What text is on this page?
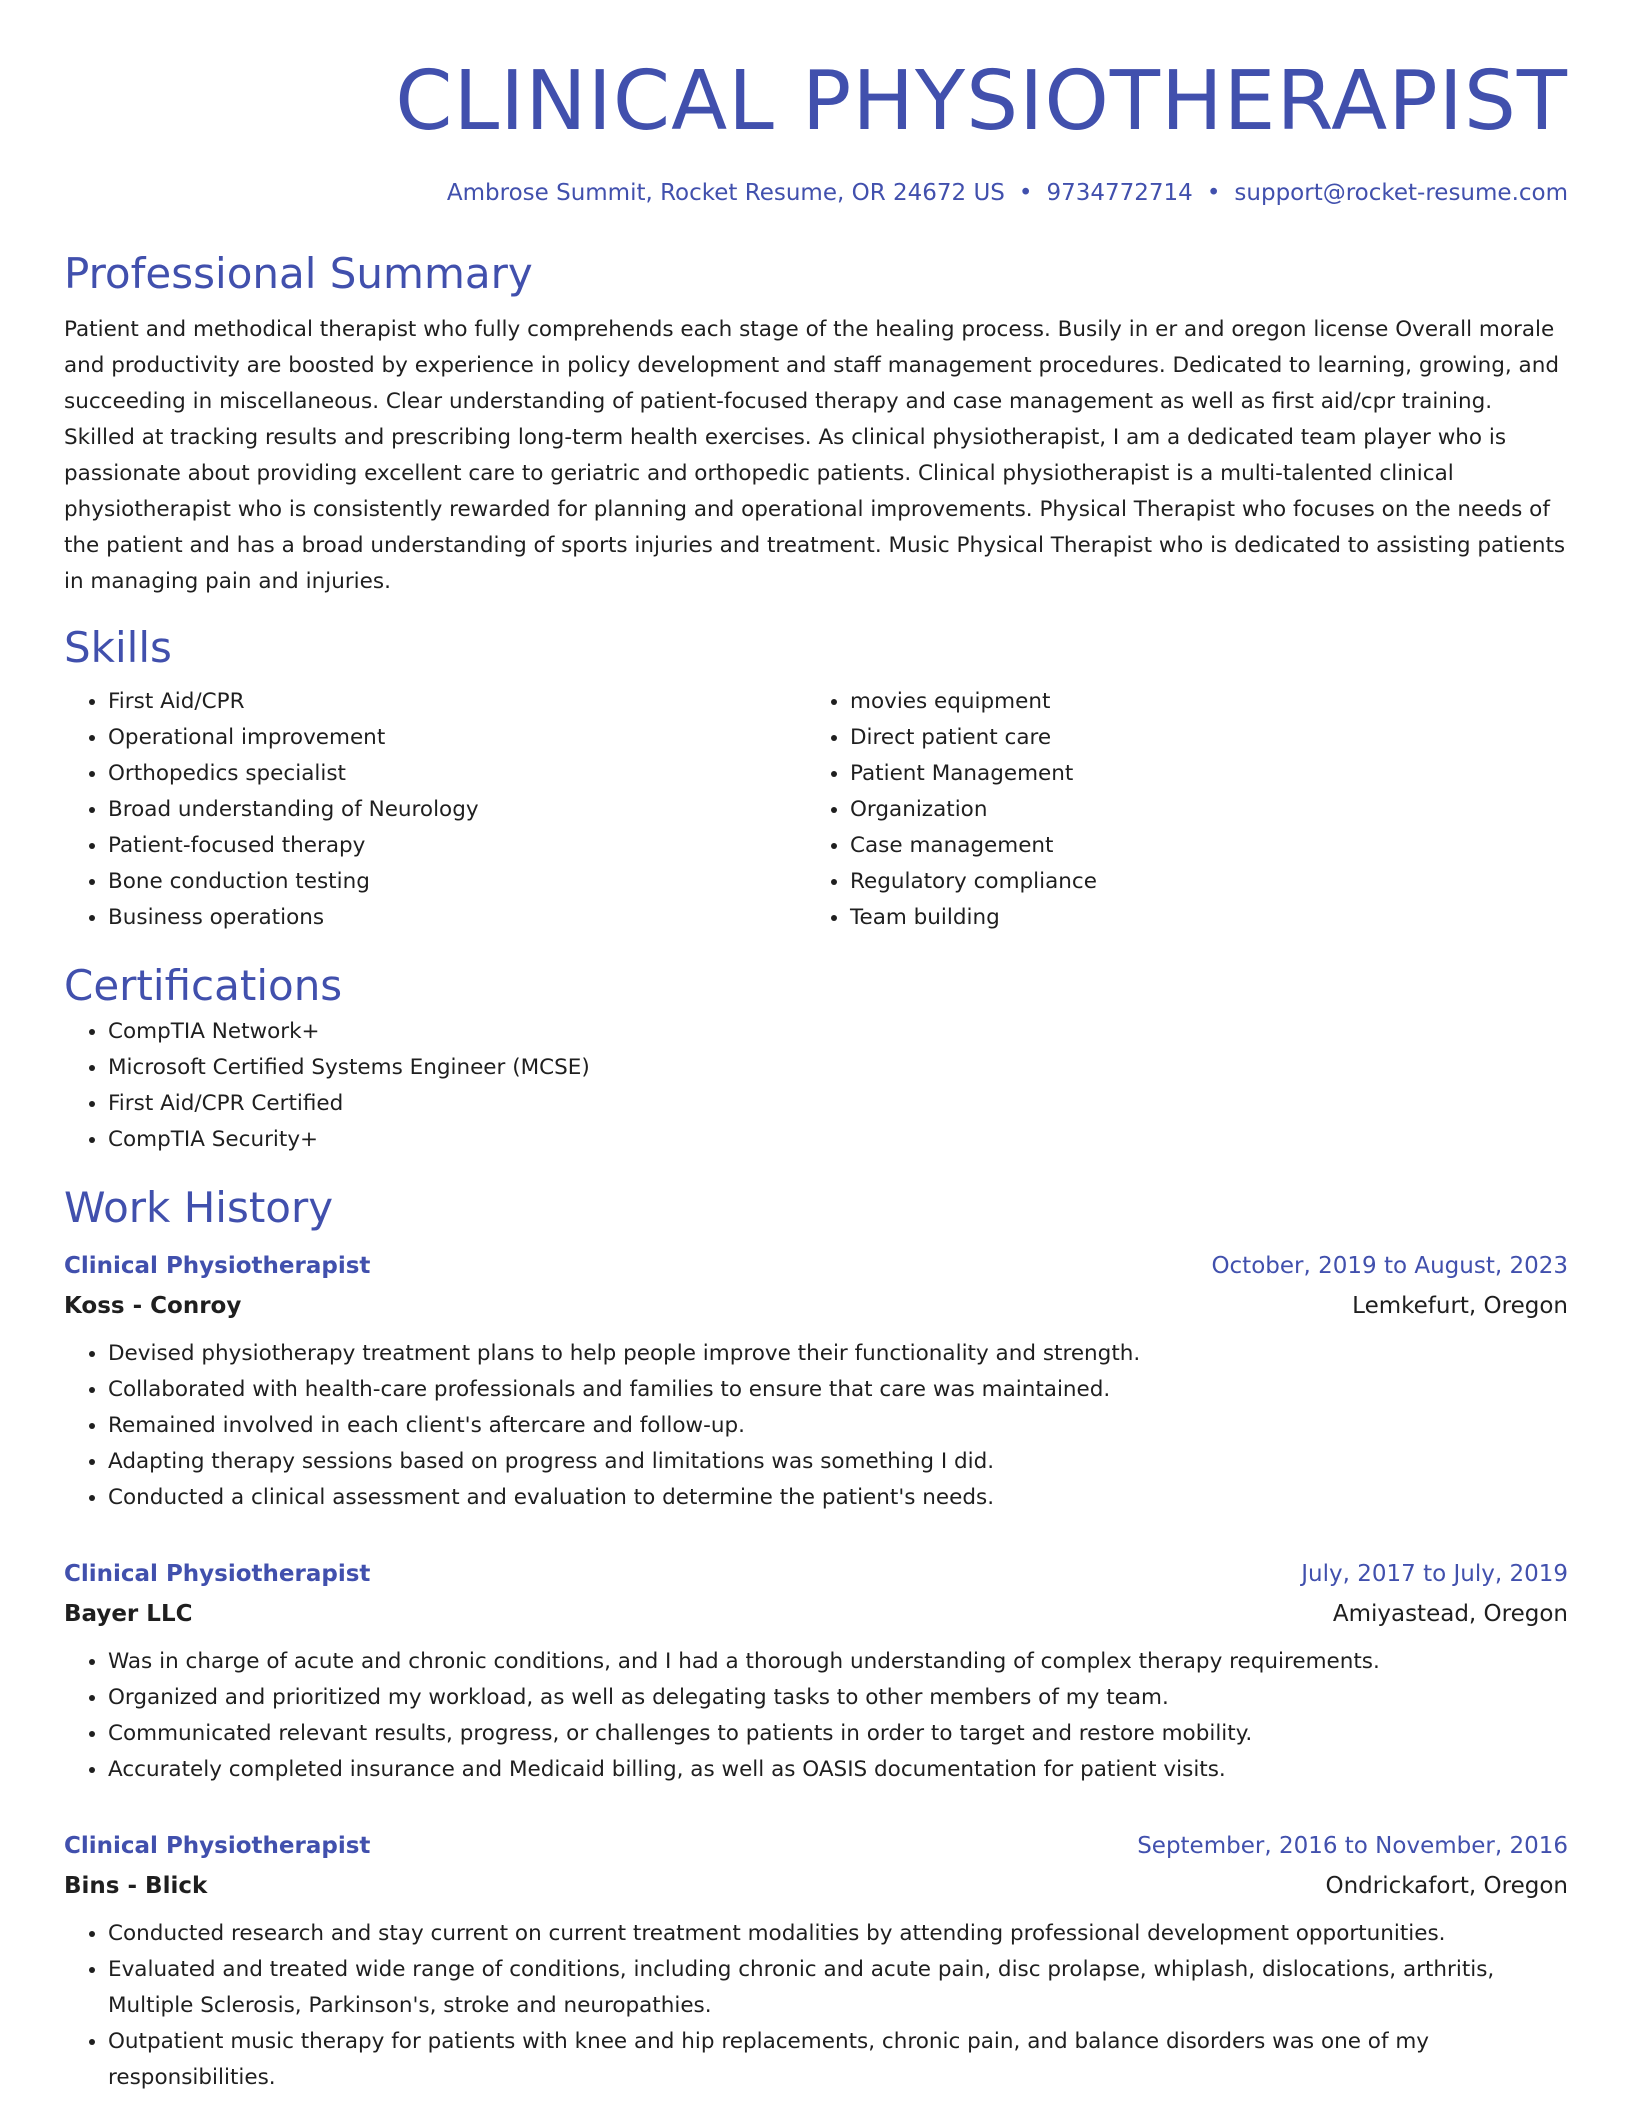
CLINICAL PHYSIOTHERAPIST
Ambrose Summit, Rocket Resume, OR 24672 US • 9734772714 • support@rocket-resume.com
Professional Summary
Patient and methodical therapist who fully comprehends each stage of the healing process. Busily in er and oregon license Overall morale and productivity are boosted by experience in policy development and staff management procedures. Dedicated to learning, growing, and succeeding in miscellaneous. Clear understanding of patient-focused therapy and case management as well as first aid/cpr training. Skilled at tracking results and prescribing long-term health exercises. As clinical physiotherapist, I am a dedicated team player who is passionate about providing excellent care to geriatric and orthopedic patients. Clinical physiotherapist is a multi-talented clinical physiotherapist who is consistently rewarded for planning and operational improvements. Physical Therapist who focuses on the needs of the patient and has a broad understanding of sports injuries and treatment. Music Physical Therapist who is dedicated to assisting patients in managing pain and injuries.
Skills
• First Aid/CPR
• Operational improvement
• Orthopedics specialist
• Broad understanding of Neurology
• Patient-focused therapy
• Bone conduction testing
• Business operations
• movies equipment
• Direct patient care
• Patient Management
• Organization
• Case management
• Regulatory compliance
• Team building
Certifications
• CompTIA Network+
• Microsoft Certified Systems Engineer (MCSE)
• First Aid/CPR Certified
• CompTIA Security+
Work History
Clinical Physiotherapist	October, 2019 to August, 2023
Koss - Conroy	Lemkefurt, Oregon
• Devised physiotherapy treatment plans to help people improve their functionality and strength.
• Collaborated with health-care professionals and families to ensure that care was maintained.
• Remained involved in each client's aftercare and follow-up.
• Adapting therapy sessions based on progress and limitations was something I did.
• Conducted a clinical assessment and evaluation to determine the patient's needs.
Clinical Physiotherapist	July, 2017 to July, 2019
Bayer LLC	Amiyastead, Oregon
• Was in charge of acute and chronic conditions, and I had a thorough understanding of complex therapy requirements.
• Organized and prioritized my workload, as well as delegating tasks to other members of my team.
• Communicated relevant results, progress, or challenges to patients in order to target and restore mobility.
• Accurately completed insurance and Medicaid billing, as well as OASIS documentation for patient visits.
Clinical Physiotherapist	September, 2016 to November, 2016
Bins - Blick	Ondrickafort, Oregon
• Conducted research and stay current on current treatment modalities by attending professional development opportunities.
• Evaluated and treated wide range of conditions, including chronic and acute pain, disc prolapse, whiplash, dislocations, arthritis, Multiple Sclerosis, Parkinson's, stroke and neuropathies.
• Outpatient music therapy for patients with knee and hip replacements, chronic pain, and balance disorders was one of my responsibilities.
